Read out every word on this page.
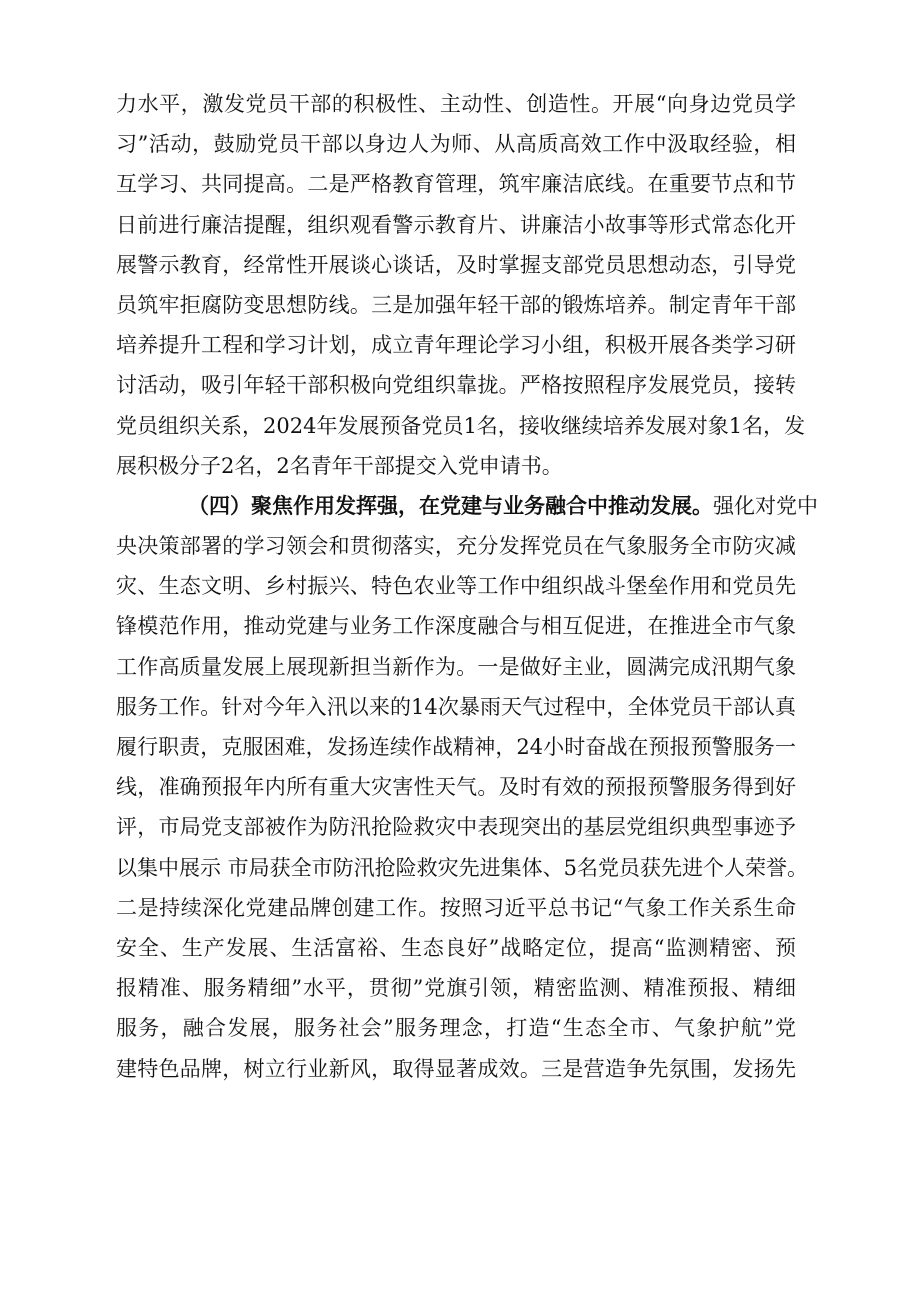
力水平，激发党员干部的积极性、主动性、创造性。开展“向身边党员学
习”活动，鼓励党员干部以身边人为师、从高质高效工作中汲取经验，相
互学习、共同提高。二是严格教育管理，筑牢廉洁底线。在重要节点和节
日前进行廉洁提醒，组织观看警示教育片、讲廉洁小故事等形式常态化开
展警示教育，经常性开展谈心谈话，及时掌握支部党员思想动态，引导党
员筑牢拒腐防变思想防线。三是加强年轻干部的锻炼培养。制定青年干部
培养提升工程和学习计划，成立青年理论学习小组，积极开展各类学习研
讨活动，吸引年轻干部积极向党组织靠拢。严格按照程序发展党员，接转
党员组织关系，2024年发展预备党员1名，接收继续培养发展对象1名，发
展积极分子2名，2名青年干部提交入党申请书。
（四）聚焦作用发挥强，在党建与业务融合中推动发展。强化对党中
央决策部署的学习领会和贯彻落实，充分发挥党员在气象服务全市防灾减
灾、生态文明、乡村振兴、特色农业等工作中组织战斗堡垒作用和党员先
锋模范作用，推动党建与业务工作深度融合与相互促进，在推进全市气象
工作高质量发展上展现新担当新作为。一是做好主业，圆满完成汛期气象
服务工作。针对今年入汛以来的14次暴雨天气过程中，全体党员干部认真
履行职责，克服困难，发扬连续作战精神，24小时奋战在预报预警服务一
线，准确预报年内所有重大灾害性天气。及时有效的预报预警服务得到好
评，市局党支部被作为防汛抢险救灾中表现突出的基层党组织典型事迹予
以集中展示 市局获全市防汛抢险救灾先进集体、5名党员获先进个人荣誉。
二是持续深化党建品牌创建工作。按照习近平总书记“气象工作关系生命
安全、生产发展、生活富裕、生态良好”战略定位，提高“监测精密、预
报精准、服务精细”水平，贯彻”党旗引领，精密监测、精准预报、精细
服务，融合发展，服务社会”服务理念，打造“生态全市、气象护航”党
建特色品牌，树立行业新风，取得显著成效。三是营造争先氛围，发扬先
